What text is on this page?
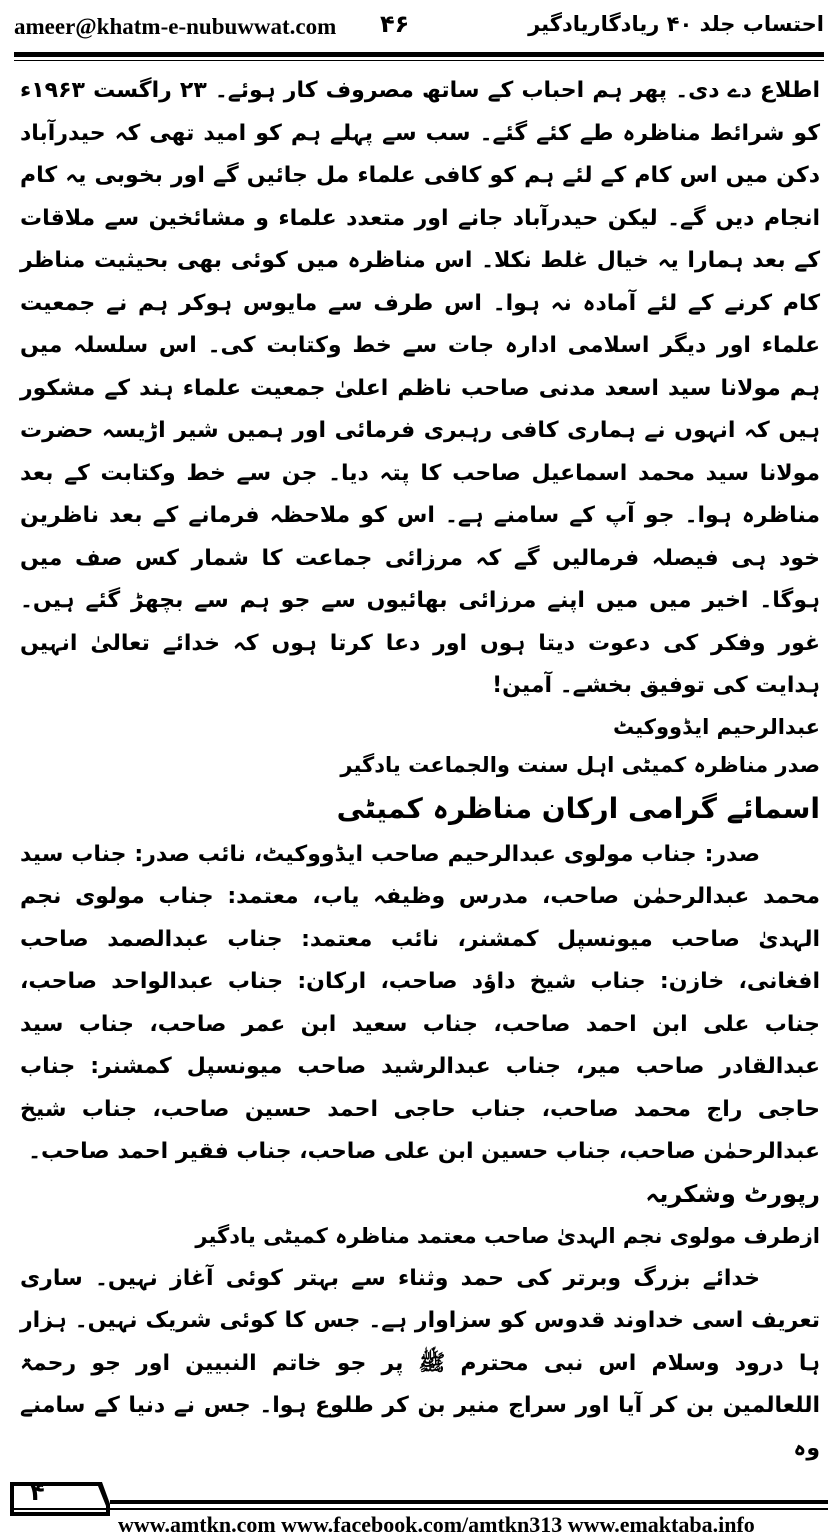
ameer@khatm-e-nubuwwat.com ۴۶	احتساب جلد ۴۰ ریادگاریادگیر

اطلاع دے دی۔ پھر ہم احباب کے ساتھ مصروف کار ہوئے۔ ۲۳ راگست ۱۹۶۳ء کو شرائط مناظرہ طے کئے گئے۔ سب سے پہلے ہم کو امید تھی کہ حیدرآباد دکن میں اس کام کے لئے ہم کو کافی علماء مل جائیں گے اور بخوبی یہ کام انجام دیں گے۔ لیکن حیدرآباد جانے اور متعدد علماء و مشائخین سے ملاقات کے بعد ہمارا یہ خیال غلط نکلا۔ اس مناظرہ میں کوئی بھی بحیثیت مناظر کام کرنے کے لئے آمادہ نہ ہوا۔ اس طرف سے مایوس ہوکر ہم نے جمعیت علماء اور دیگر اسلامی ادارہ جات سے خط وکتابت کی۔ اس سلسلہ میں ہم مولانا سید اسعد مدنی صاحب ناظم اعلیٰ جمعیت علماء ہند کے مشکور ہیں کہ انہوں نے ہماری کافی رہبری فرمائی اور ہمیں شیر اڑیسہ حضرت مولانا سید محمد اسماعیل صاحب کا پتہ دیا۔ جن سے خط وکتابت کے بعد مناظرہ ہوا۔ جو آپ کے سامنے ہے۔ اس کو ملاحظہ فرمانے کے بعد ناظرین خود ہی فیصلہ فرمالیں گے کہ مرزائی جماعت کا شمار کس صف میں ہوگا۔ اخیر میں میں اپنے مرزائی بھائیوں سے جو ہم سے بچھڑ گئے ہیں۔ غور وفکر کی دعوت دیتا ہوں اور دعا کرتا ہوں کہ خدائے تعالیٰ انہیں ہدایت کی توفیق بخشے۔ آمین!

عبدالرحیم ایڈووکیٹ

صدر مناظرہ کمیٹی اہل سنت والجماعت یادگیر

اسمائے گرامی ارکان مناظرہ کمیٹی

صدر: جناب مولوی عبدالرحیم صاحب ایڈووکیٹ، نائب صدر: جناب سید محمد عبدالرحمٰن صاحب، مدرس وظیفہ یاب، معتمد: جناب مولوی نجم الہدیٰ صاحب میونسپل کمشنر، نائب معتمد: جناب عبدالصمد صاحب افغانی، خازن: جناب شیخ داؤد صاحب، ارکان: جناب عبدالواحد صاحب، جناب علی ابن احمد صاحب، جناب سعید ابن عمر صاحب، جناب سید عبدالقادر صاحب میر، جناب عبدالرشید صاحب میونسپل کمشنر: جناب حاجی راج محمد صاحب، جناب حاجی احمد حسین صاحب، جناب شیخ عبدالرحمٰن صاحب، جناب حسین ابن علی صاحب، جناب فقیر احمد صاحب۔

رپورٹ وشکریہ

ازطرف مولوی نجم الہدیٰ صاحب معتمد مناظرہ کمیٹی یادگیر

خدائے بزرگ وبرتر کی حمد وثناء سے بہتر کوئی آغاز نہیں۔ ساری تعریف اسی خداوند قدوس کو سزاوار ہے۔ جس کا کوئی شریک نہیں۔ ہزار ہا درود وسلام اس نبی محترم ﷺ پر جو خاتم النبیین اور جو رحمۃ اللعالمین بن کر آیا اور سراج منیر بن کر طلوع ہوا۔ جس نے دنیا کے سامنے وہ

۴
www.amtkn.com www.facebook.com/amtkn313 www.emaktaba.info
